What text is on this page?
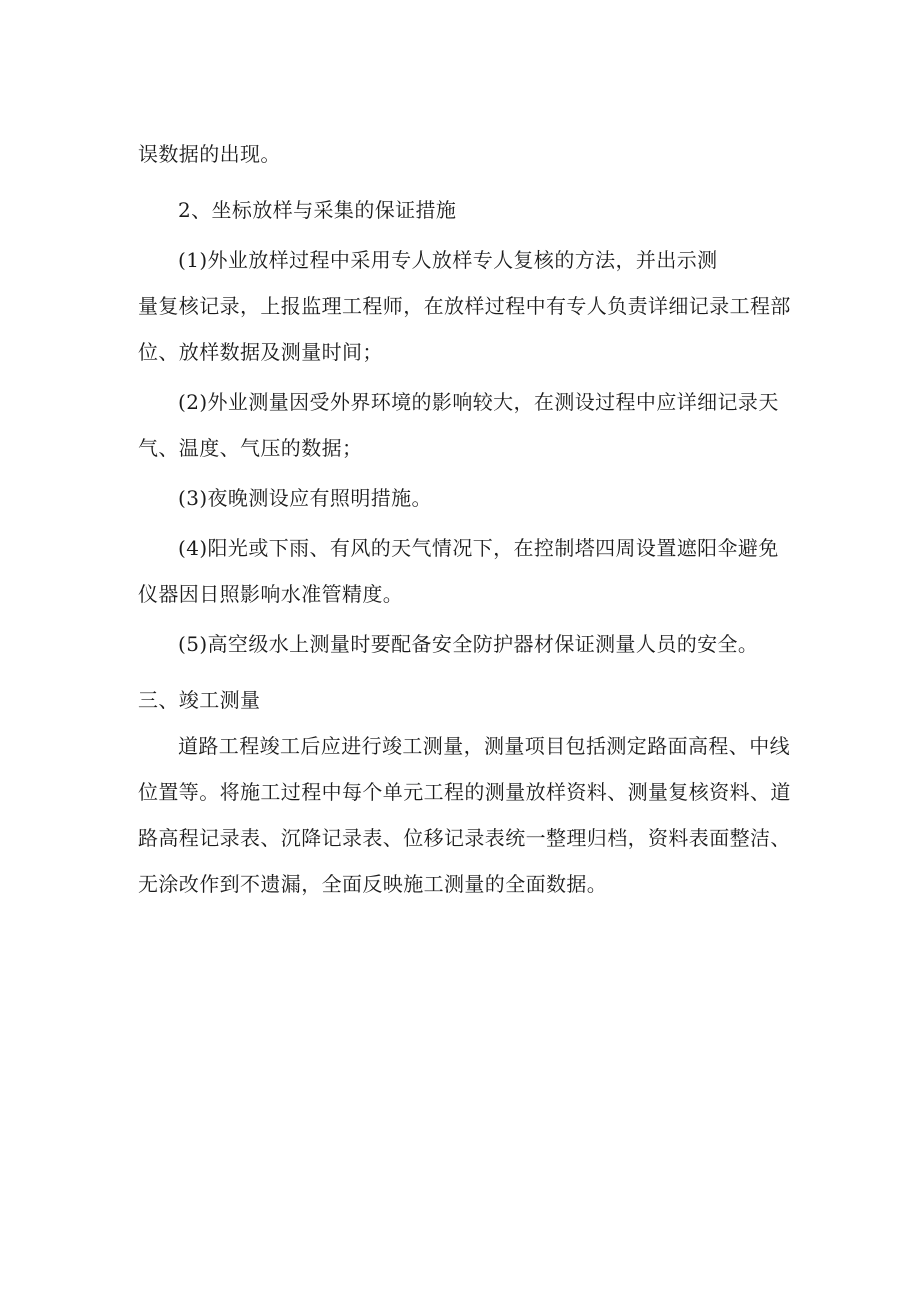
误数据的出现。
2、坐标放样与采集的保证措施
(1)外业放样过程中采用专人放样专人复核的方法，并出示测
量复核记录，上报监理工程师，在放样过程中有专人负责详细记录工程部
位、放样数据及测量时间；
(2)外业测量因受外界环境的影响较大，在测设过程中应详细记录天
气、温度、气压的数据；
(3)夜晚测设应有照明措施。
(4)阳光或下雨、有风的天气情况下，在控制塔四周设置遮阳伞避免
仪器因日照影响水准管精度。
(5)高空级水上测量时要配备安全防护器材保证测量人员的安全。
三、竣工测量
道路工程竣工后应进行竣工测量，测量项目包括测定路面高程、中线
位置等。将施工过程中每个单元工程的测量放样资料、测量复核资料、道
路高程记录表、沉降记录表、位移记录表统一整理归档，资料表面整洁、
无涂改作到不遗漏，全面反映施工测量的全面数据。
